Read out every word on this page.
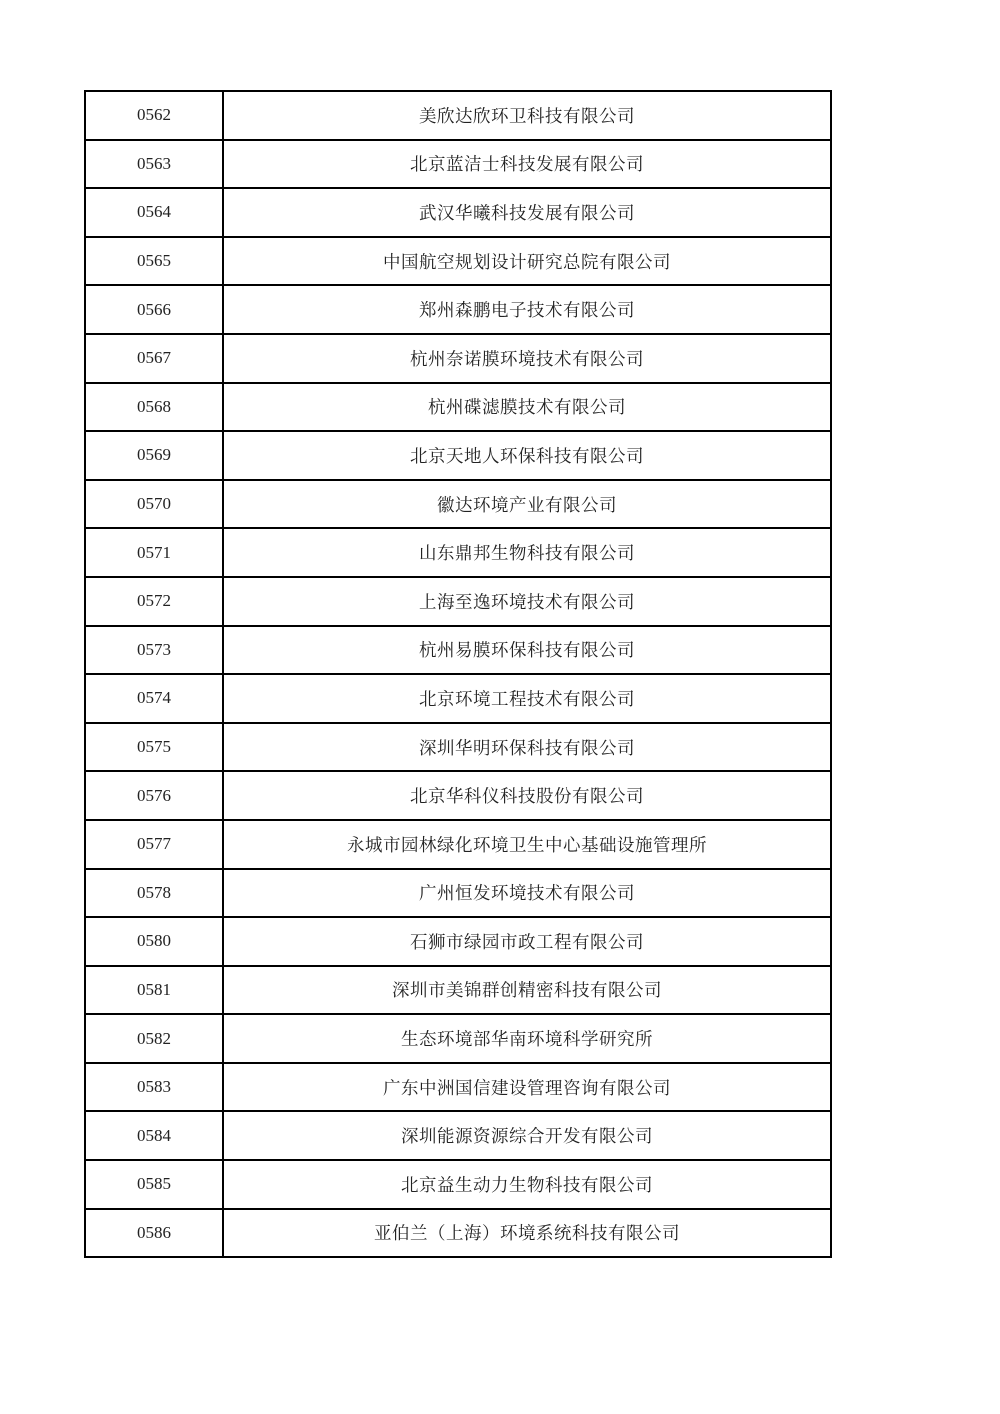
0562	美欣达欣环卫科技有限公司
0563	北京蓝洁士科技发展有限公司
0564	武汉华曦科技发展有限公司
0565	中国航空规划设计研究总院有限公司
0566	郑州森鹏电子技术有限公司
0567	杭州奈诺膜环境技术有限公司
0568	杭州碟滤膜技术有限公司
0569	北京天地人环保科技有限公司
0570	徽达环境产业有限公司
0571	山东鼎邦生物科技有限公司
0572	上海至逸环境技术有限公司
0573	杭州易膜环保科技有限公司
0574	北京环境工程技术有限公司
0575	深圳华明环保科技有限公司
0576	北京华科仪科技股份有限公司
0577	永城市园林绿化环境卫生中心基础设施管理所
0578	广州恒发环境技术有限公司
0580	石狮市绿园市政工程有限公司
0581	深圳市美锦群创精密科技有限公司
0582	生态环境部华南环境科学研究所
0583	广东中洲国信建设管理咨询有限公司
0584	深圳能源资源综合开发有限公司
0585	北京益生动力生物科技有限公司
0586	亚伯兰（上海）环境系统科技有限公司
